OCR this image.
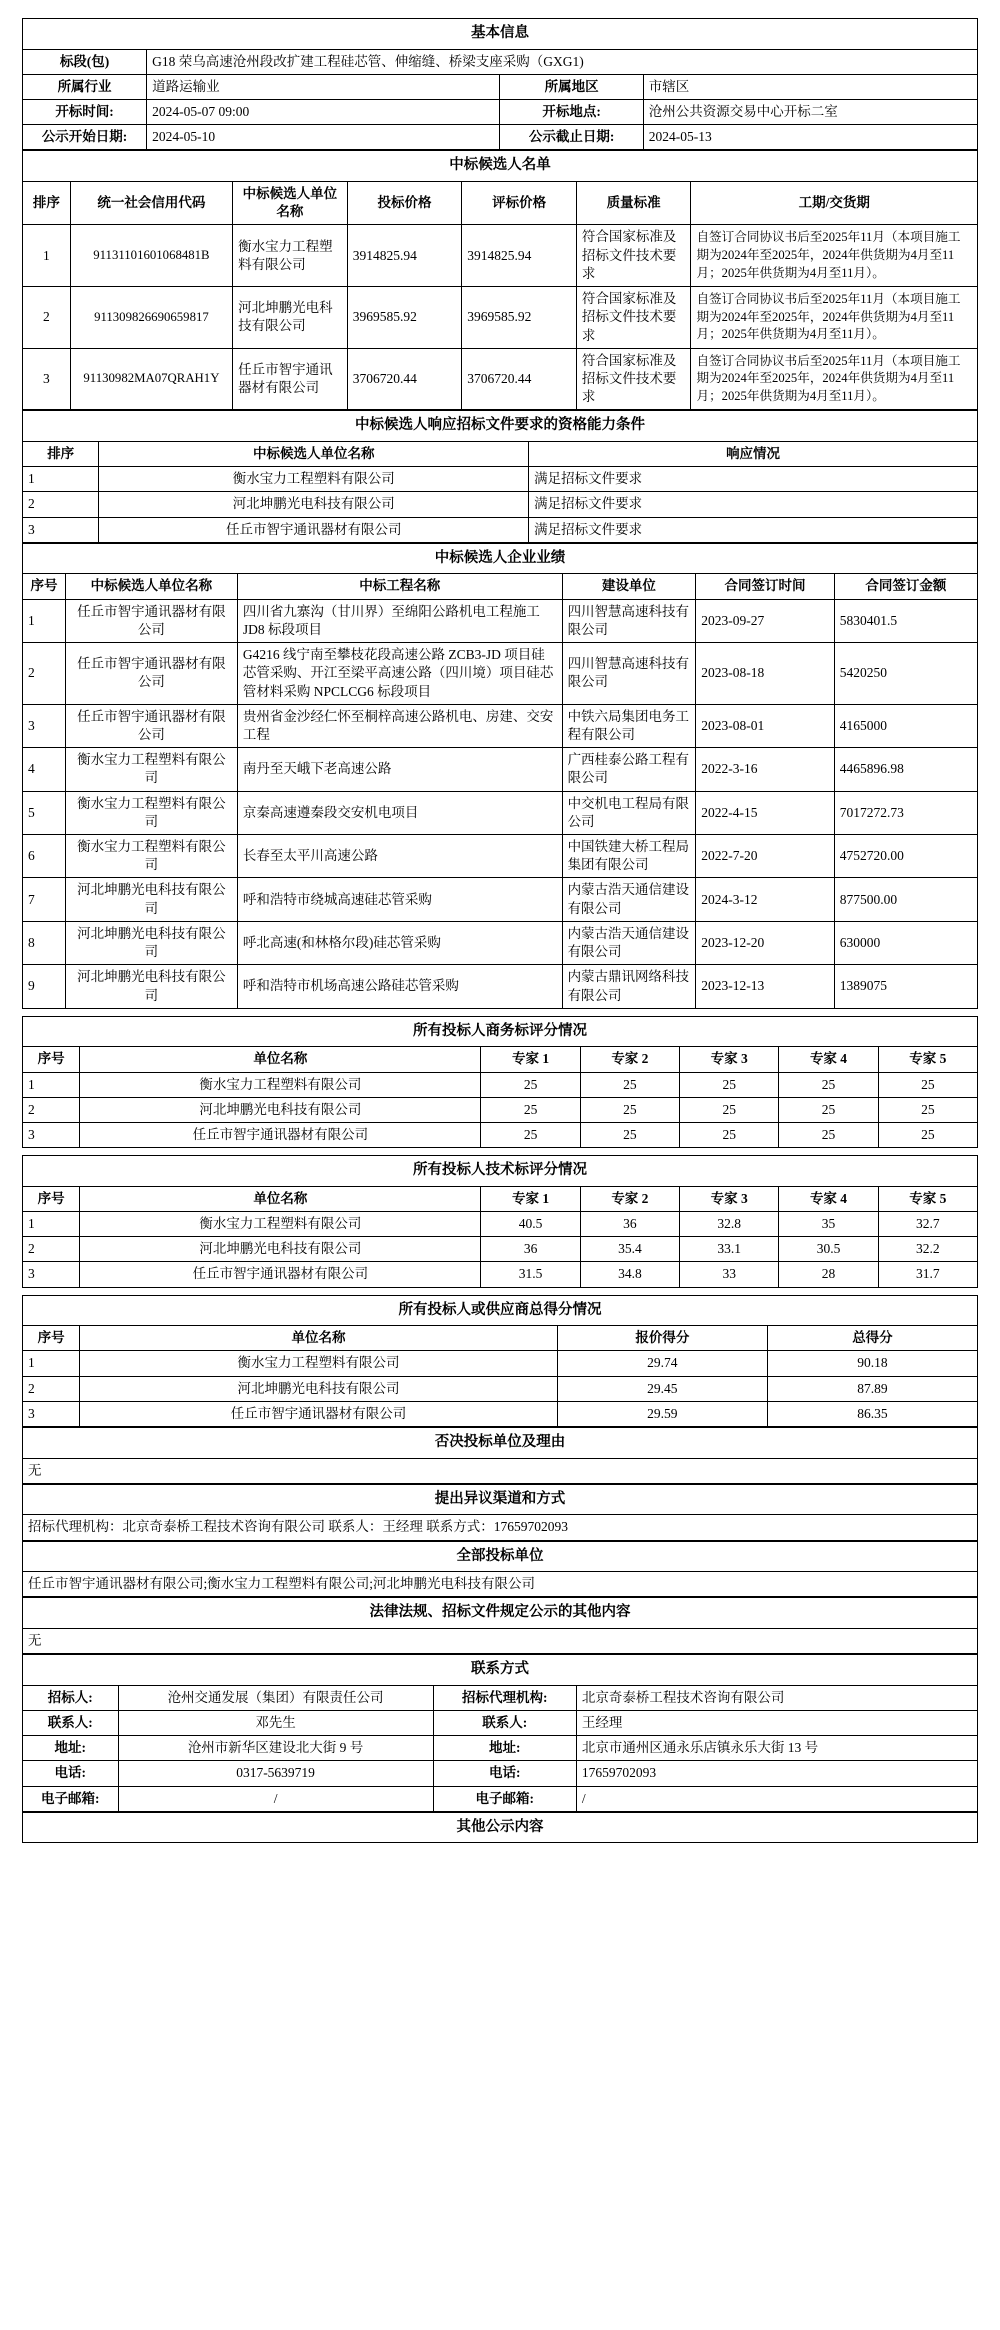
基本信息			
标段(包)	G18 荣乌高速沧州段改扩建工程硅芯管、伸缩缝、桥梁支座采购（GXG1)		
所属行业	道路运输业	所属地区	市辖区
开标时间:	2024-05-07 09:00	开标地点:	沧州公共资源交易中心开标二室
公示开始日期:	2024-05-10	公示截止日期:	2024-05-13
中标候选人名单						
排序	统一社会信用代码	中标候选人单位名称	投标价格	评标价格	质量标准	工期/交货期
1	91131101601068481B	衡水宝力工程塑料有限公司	3914825.94	3914825.94	符合国家标准及招标文件技术要求	自签订合同协议书后至2025年11月（本项目施工期为2024年至2025年，2024年供货期为4月至11月；2025年供货期为4月至11月）。
2	911309826690659817	河北坤鹏光电科技有限公司	3969585.92	3969585.92	符合国家标准及招标文件技术要求	自签订合同协议书后至2025年11月（本项目施工期为2024年至2025年，2024年供货期为4月至11月；2025年供货期为4月至11月）。
3	91130982MA07QRAH1Y	任丘市智宇通讯器材有限公司	3706720.44	3706720.44	符合国家标准及招标文件技术要求	自签订合同协议书后至2025年11月（本项目施工期为2024年至2025年，2024年供货期为4月至11月；2025年供货期为4月至11月）。
中标候选人响应招标文件要求的资格能力条件		
排序	中标候选人单位名称	响应情况
1	衡水宝力工程塑料有限公司	满足招标文件要求
2	河北坤鹏光电科技有限公司	满足招标文件要求
3	任丘市智宇通讯器材有限公司	满足招标文件要求
中标候选人企业业绩					
序号	中标候选人单位名称	中标工程名称	建设单位	合同签订时间	合同签订金额
1	任丘市智宇通讯器材有限公司	四川省九寨沟（甘川界）至绵阳公路机电工程施工 JD8 标段项目	四川智慧高速科技有限公司	2023-09-27	5830401.5
2	任丘市智宇通讯器材有限公司	G4216 线宁南至攀枝花段高速公路 ZCB3-JD 项目硅芯管采购、开江至梁平高速公路（四川境）项目硅芯管材料采购 NPCLCG6 标段项目	四川智慧高速科技有限公司	2023-08-18	5420250
3	任丘市智宇通讯器材有限公司	贵州省金沙经仁怀至桐梓高速公路机电、房建、交安工程	中铁六局集团电务工程有限公司	2023-08-01	4165000
4	衡水宝力工程塑料有限公司	南丹至天峨下老高速公路	广西桂泰公路工程有限公司	2022-3-16	4465896.98
5	衡水宝力工程塑料有限公司	京秦高速遵秦段交安机电项目	中交机电工程局有限公司	2022-4-15	7017272.73
6	衡水宝力工程塑料有限公司	长春至太平川高速公路	中国铁建大桥工程局集团有限公司	2022-7-20	4752720.00
7	河北坤鹏光电科技有限公司	呼和浩特市绕城高速硅芯管采购	内蒙古浩天通信建设有限公司	2024-3-12	877500.00
8	河北坤鹏光电科技有限公司	呼北高速(和林格尔段)硅芯管采购	内蒙古浩天通信建设有限公司	2023-12-20	630000
9	河北坤鹏光电科技有限公司	呼和浩特市机场高速公路硅芯管采购	内蒙古鼎讯网络科技有限公司	2023-12-13	1389075
所有投标人商务标评分情况						
序号	单位名称	专家 1	专家 2	专家 3	专家 4	专家 5
1	衡水宝力工程塑料有限公司	25	25	25	25	25
2	河北坤鹏光电科技有限公司	25	25	25	25	25
3	任丘市智宇通讯器材有限公司	25	25	25	25	25
所有投标人技术标评分情况						
序号	单位名称	专家 1	专家 2	专家 3	专家 4	专家 5
1	衡水宝力工程塑料有限公司	40.5	36	32.8	35	32.7
2	河北坤鹏光电科技有限公司	36	35.4	33.1	30.5	32.2
3	任丘市智宇通讯器材有限公司	31.5	34.8	33	28	31.7
所有投标人或供应商总得分情况			
序号	单位名称	报价得分	总得分
1	衡水宝力工程塑料有限公司	29.74	90.18
2	河北坤鹏光电科技有限公司	29.45	87.89
3	任丘市智宇通讯器材有限公司	29.59	86.35
否决投标单位及理由
无
提出异议渠道和方式
招标代理机构：北京奇泰桥工程技术咨询有限公司 联系人：王经理 联系方式：17659702093
全部投标单位
任丘市智宇通讯器材有限公司;衡水宝力工程塑料有限公司;河北坤鹏光电科技有限公司
法律法规、招标文件规定公示的其他内容
无
联系方式			
招标人:	沧州交通发展（集团）有限责任公司	招标代理机构:	北京奇泰桥工程技术咨询有限公司
联系人:	邓先生	联系人:	王经理
地址:	沧州市新华区建设北大街 9 号	地址:	北京市通州区通永乐店镇永乐大街 13 号
电话:	0317-5639719	电话:	17659702093
电子邮箱:	/	电子邮箱:	/
其他公示内容
